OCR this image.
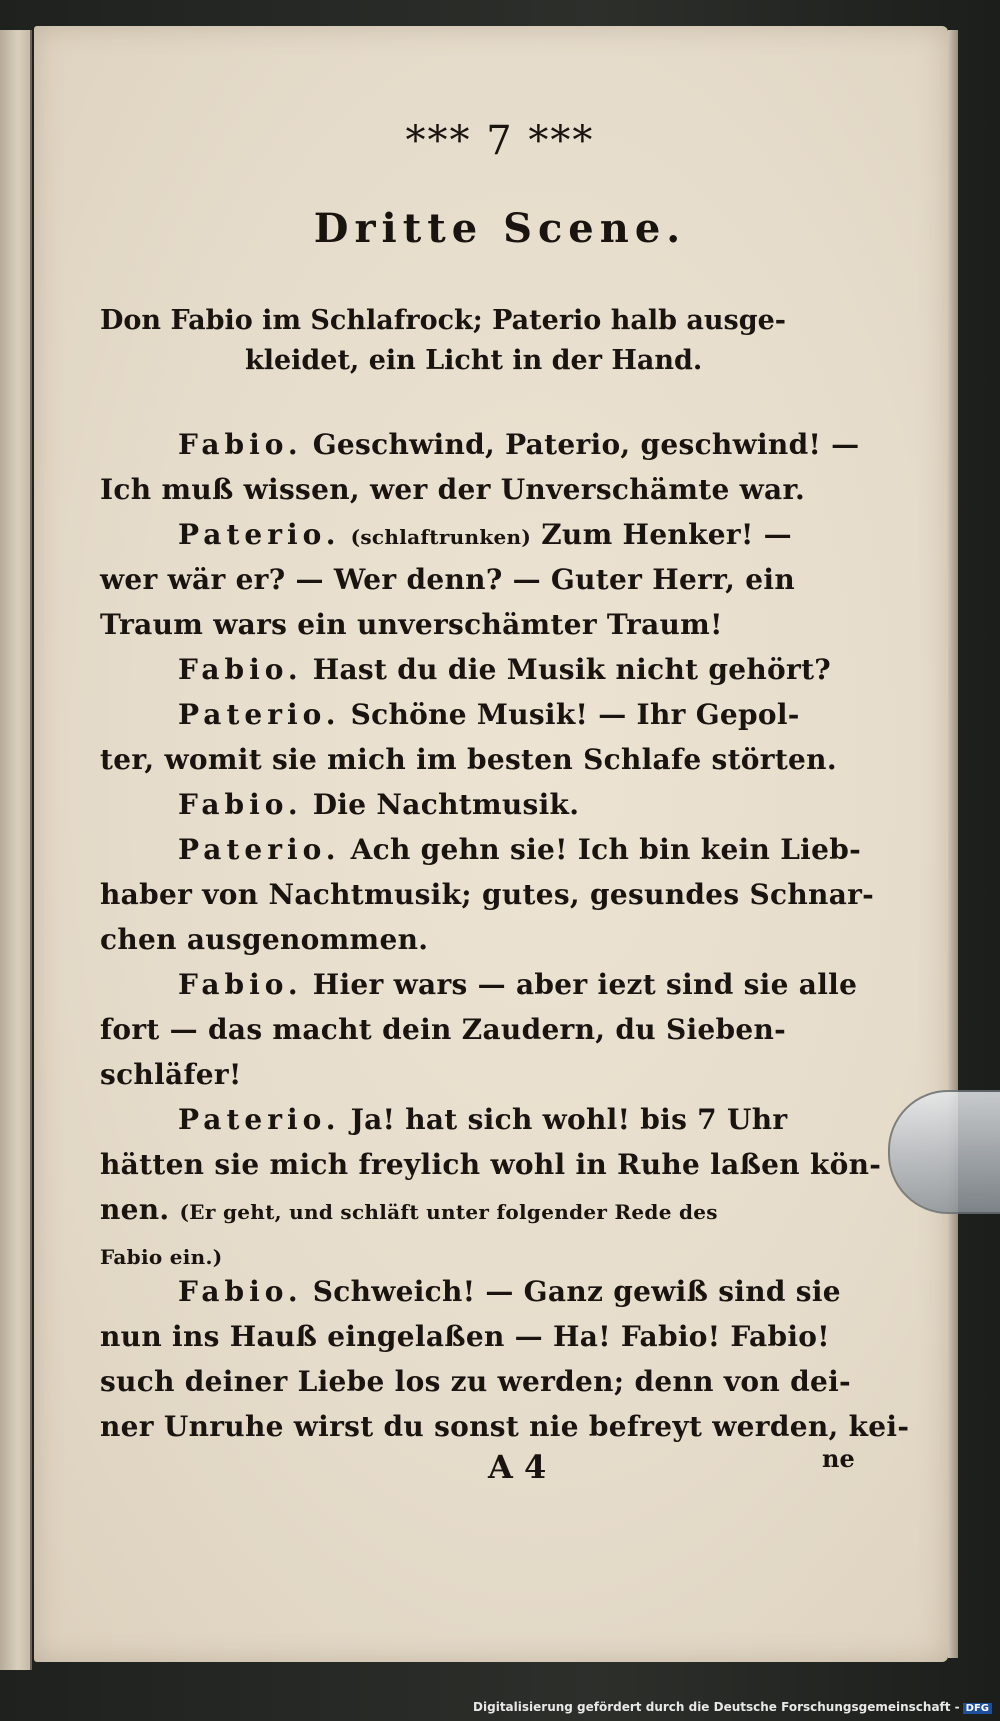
*** 7 ***
Dritte Scene.
Don Fabio im Schlafrock; Paterio halb ausge-
kleidet, ein Licht in der Hand.
Fabio. Geschwind, Paterio, geschwind! —
Ich muß wissen, wer der Unverschämte war.
Paterio. (schlaftrunken) Zum Henker! —
wer wär er? — Wer denn? — Guter Herr, ein
Traum wars ein unverschämter Traum!
Fabio. Hast du die Musik nicht gehört?
Paterio. Schöne Musik! — Ihr Gepol-
ter, womit sie mich im besten Schlafe störten.
Fabio. Die Nachtmusik.
Paterio. Ach gehn sie! Ich bin kein Lieb-
haber von Nachtmusik; gutes, gesundes Schnar-
chen ausgenommen.
Fabio. Hier wars — aber iezt sind sie alle
fort — das macht dein Zaudern, du Sieben-
schläfer!
Paterio. Ja! hat sich wohl! bis 7 Uhr
hätten sie mich freylich wohl in Ruhe laßen kön-
nen. (Er geht, und schläft unter folgender Rede des
Fabio ein.)
Fabio. Schweich! — Ganz gewiß sind sie
nun ins Hauß eingelaßen — Ha! Fabio! Fabio!
such deiner Liebe los zu werden; denn von dei-
ner Unruhe wirst du sonst nie befreyt werden, kei-
A 4	ne
Digitalisierung gefördert durch die Deutsche Forschungsgemeinschaft - DFG
